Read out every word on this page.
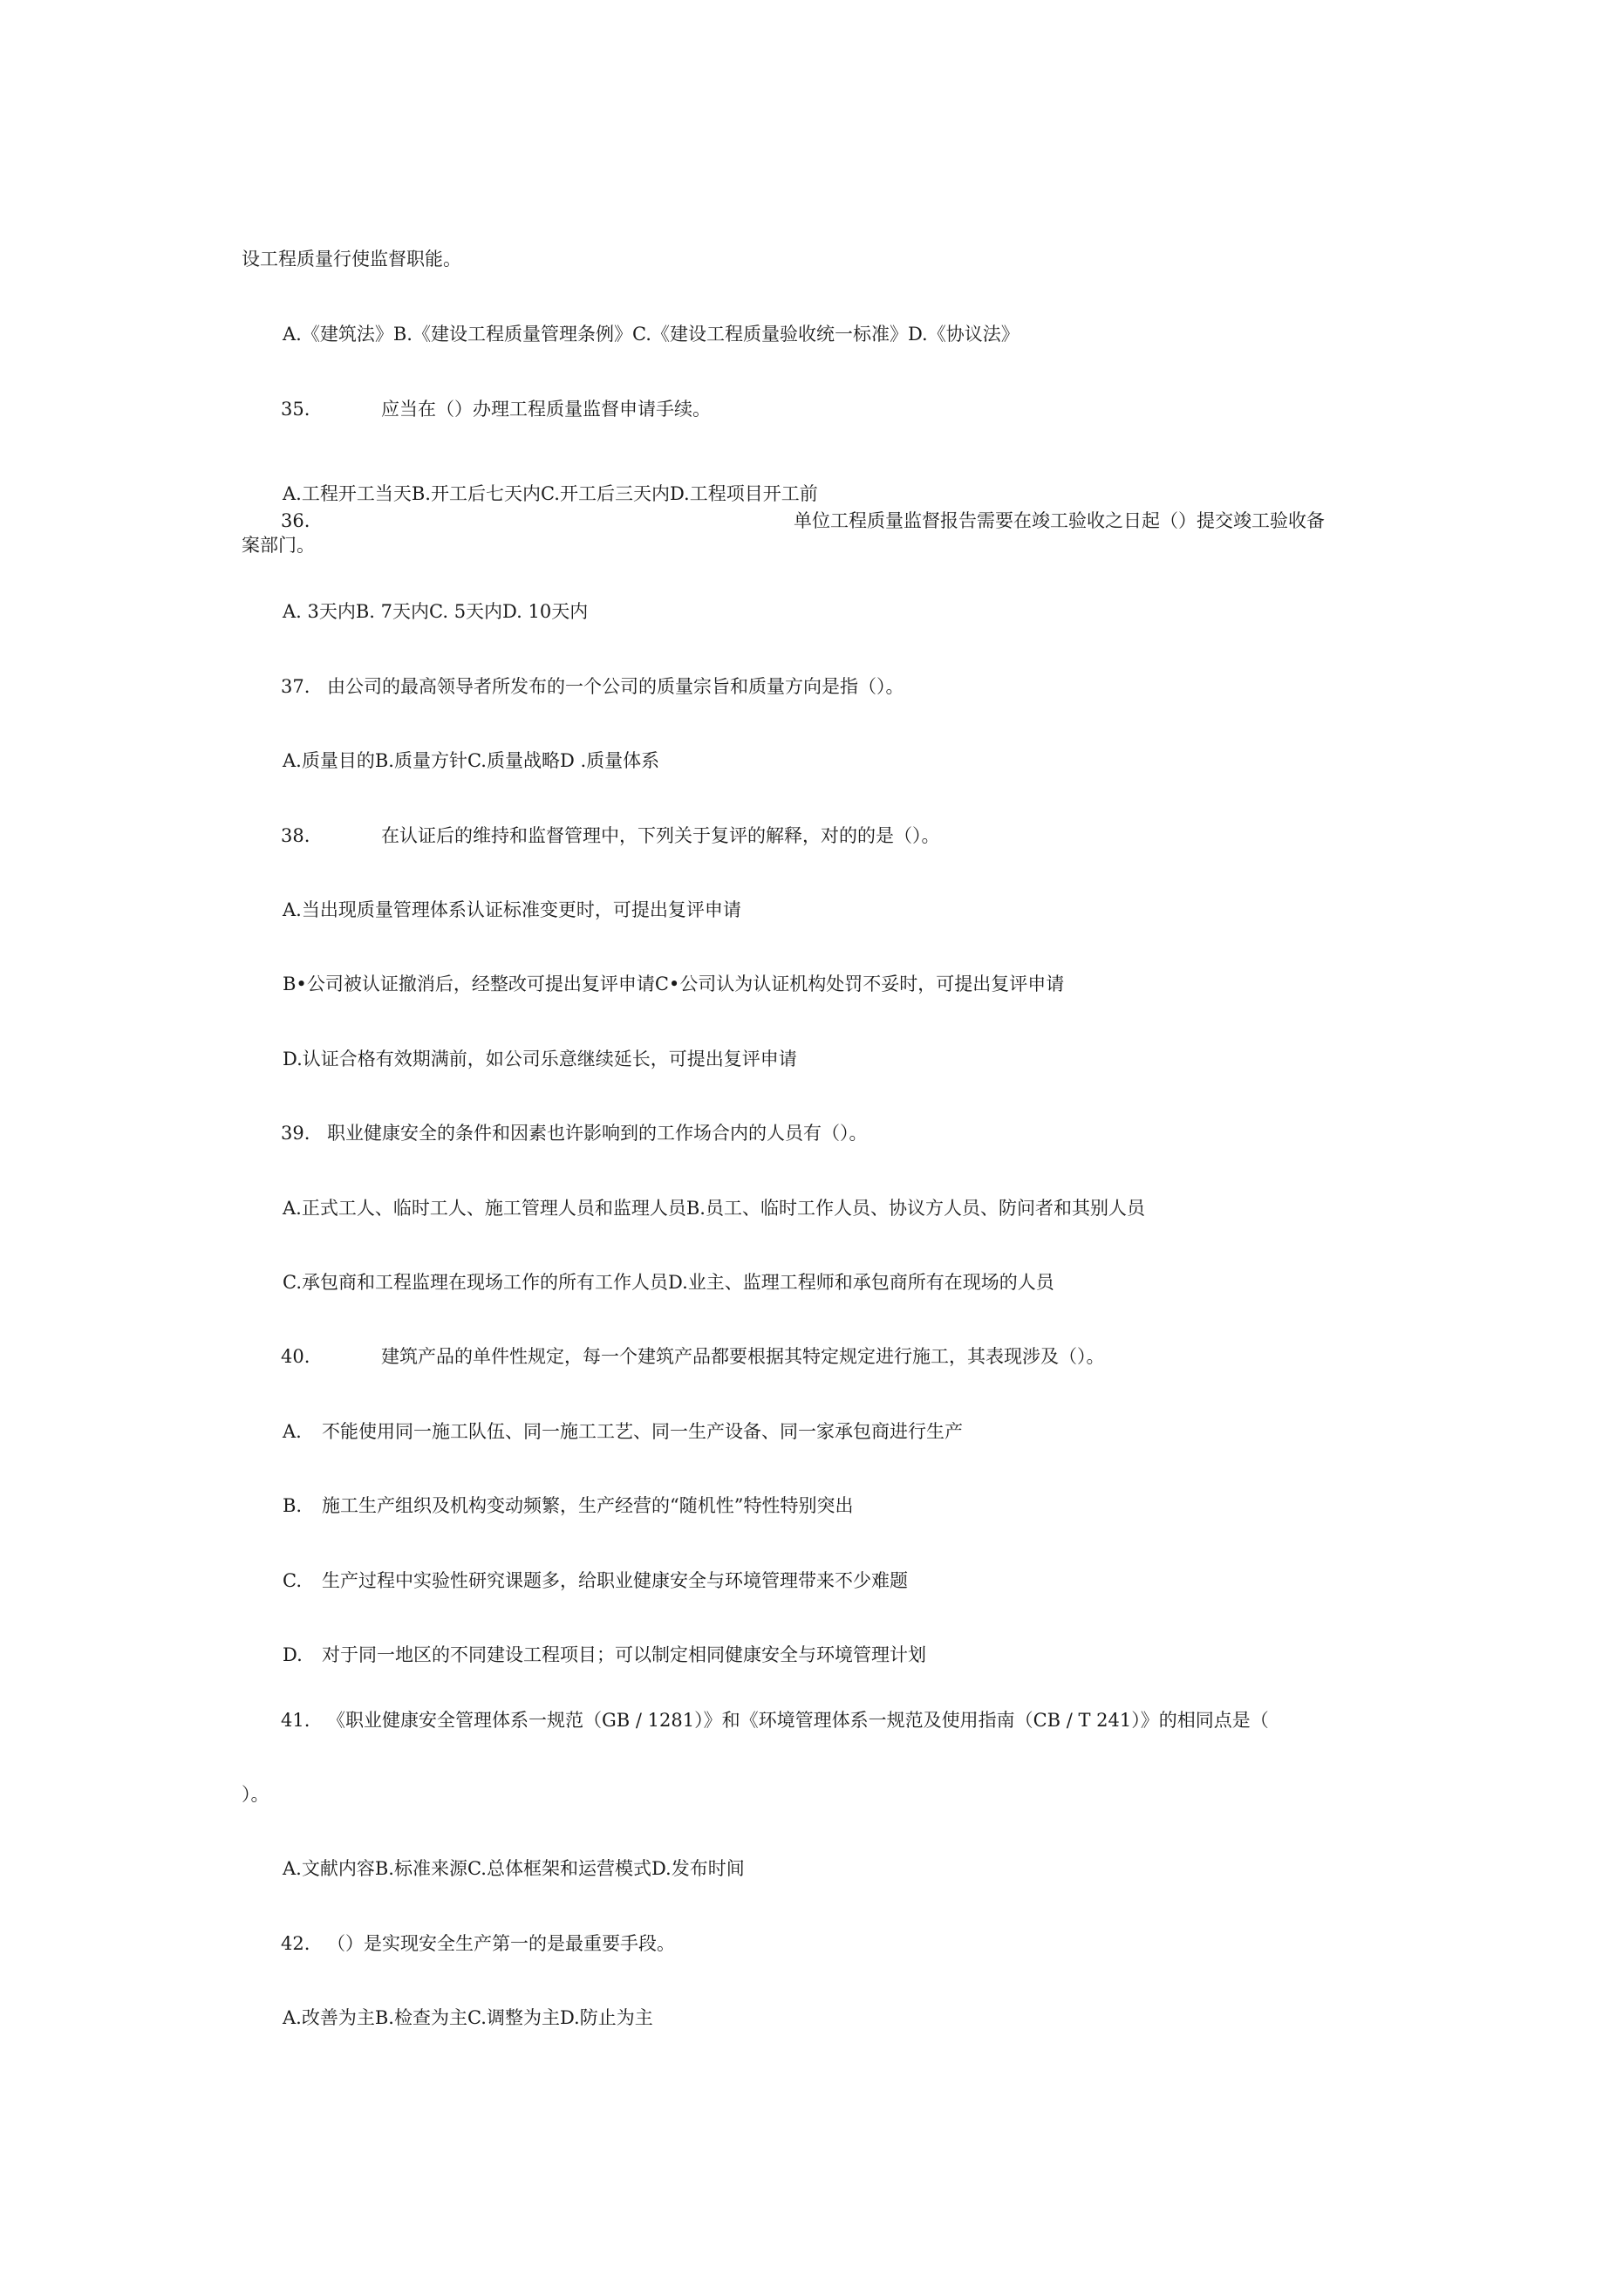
设工程质量行使监督职能。
A.《建筑法》B.《建设工程质量管理条例》C.《建设工程质量验收统一标准》D.《协议法》
35.	应当在（）办理工程质量监督申请手续。
A.工程开工当天B.开工后七天内C.开工后三天内D.工程项目开工前
36.	单位工程质量监督报告需要在竣工验收之日起（）提交竣工验收备
案部门。
A. 3天内B. 7天内C. 5天内D. 10天内
37. 由公司的最高领导者所发布的一个公司的质量宗旨和质量方向是指（）。
A.质量目的B.质量方针C.质量战略D .质量体系
38.	在认证后的维持和监督管理中，下列关于复评的解释，对的的是（）。
A.当出现质量管理体系认证标准变更时，可提出复评申请
B•公司被认证撤消后，经整改可提出复评申请C•公司认为认证机构处罚不妥时，可提出复评申请
D.认证合格有效期满前，如公司乐意继续延长，可提出复评申请
39. 职业健康安全的条件和因素也许影响到的工作场合内的人员有（）。
A.正式工人、临时工人、施工管理人员和监理人员B.员工、临时工作人员、协议方人员、防问者和其别人员
C.承包商和工程监理在现场工作的所有工作人员D.业主、监理工程师和承包商所有在现场的人员
40.	建筑产品的单件性规定，每一个建筑产品都要根据其特定规定进行施工，其表现涉及（）。
A. 不能使用同一施工队伍、同一施工工艺、同一生产设备、同一家承包商进行生产
B. 施工生产组织及机构变动频繁，生产经营的“随机性”特性特别突出
C. 生产过程中实验性研究课题多，给职业健康安全与环境管理带来不少难题
D. 对于同一地区的不同建设工程项目；可以制定相同健康安全与环境管理计划
41. 《职业健康安全管理体系一规范（GB / 1281）》和《环境管理体系一规范及使用指南（CB / T 241）》的相同点是（
）。
A.文献内容B.标准来源C.总体框架和运营模式D.发布时间
42. （）是实现安全生产第一的是最重要手段。
A.改善为主B.检查为主C.调整为主D.防止为主
